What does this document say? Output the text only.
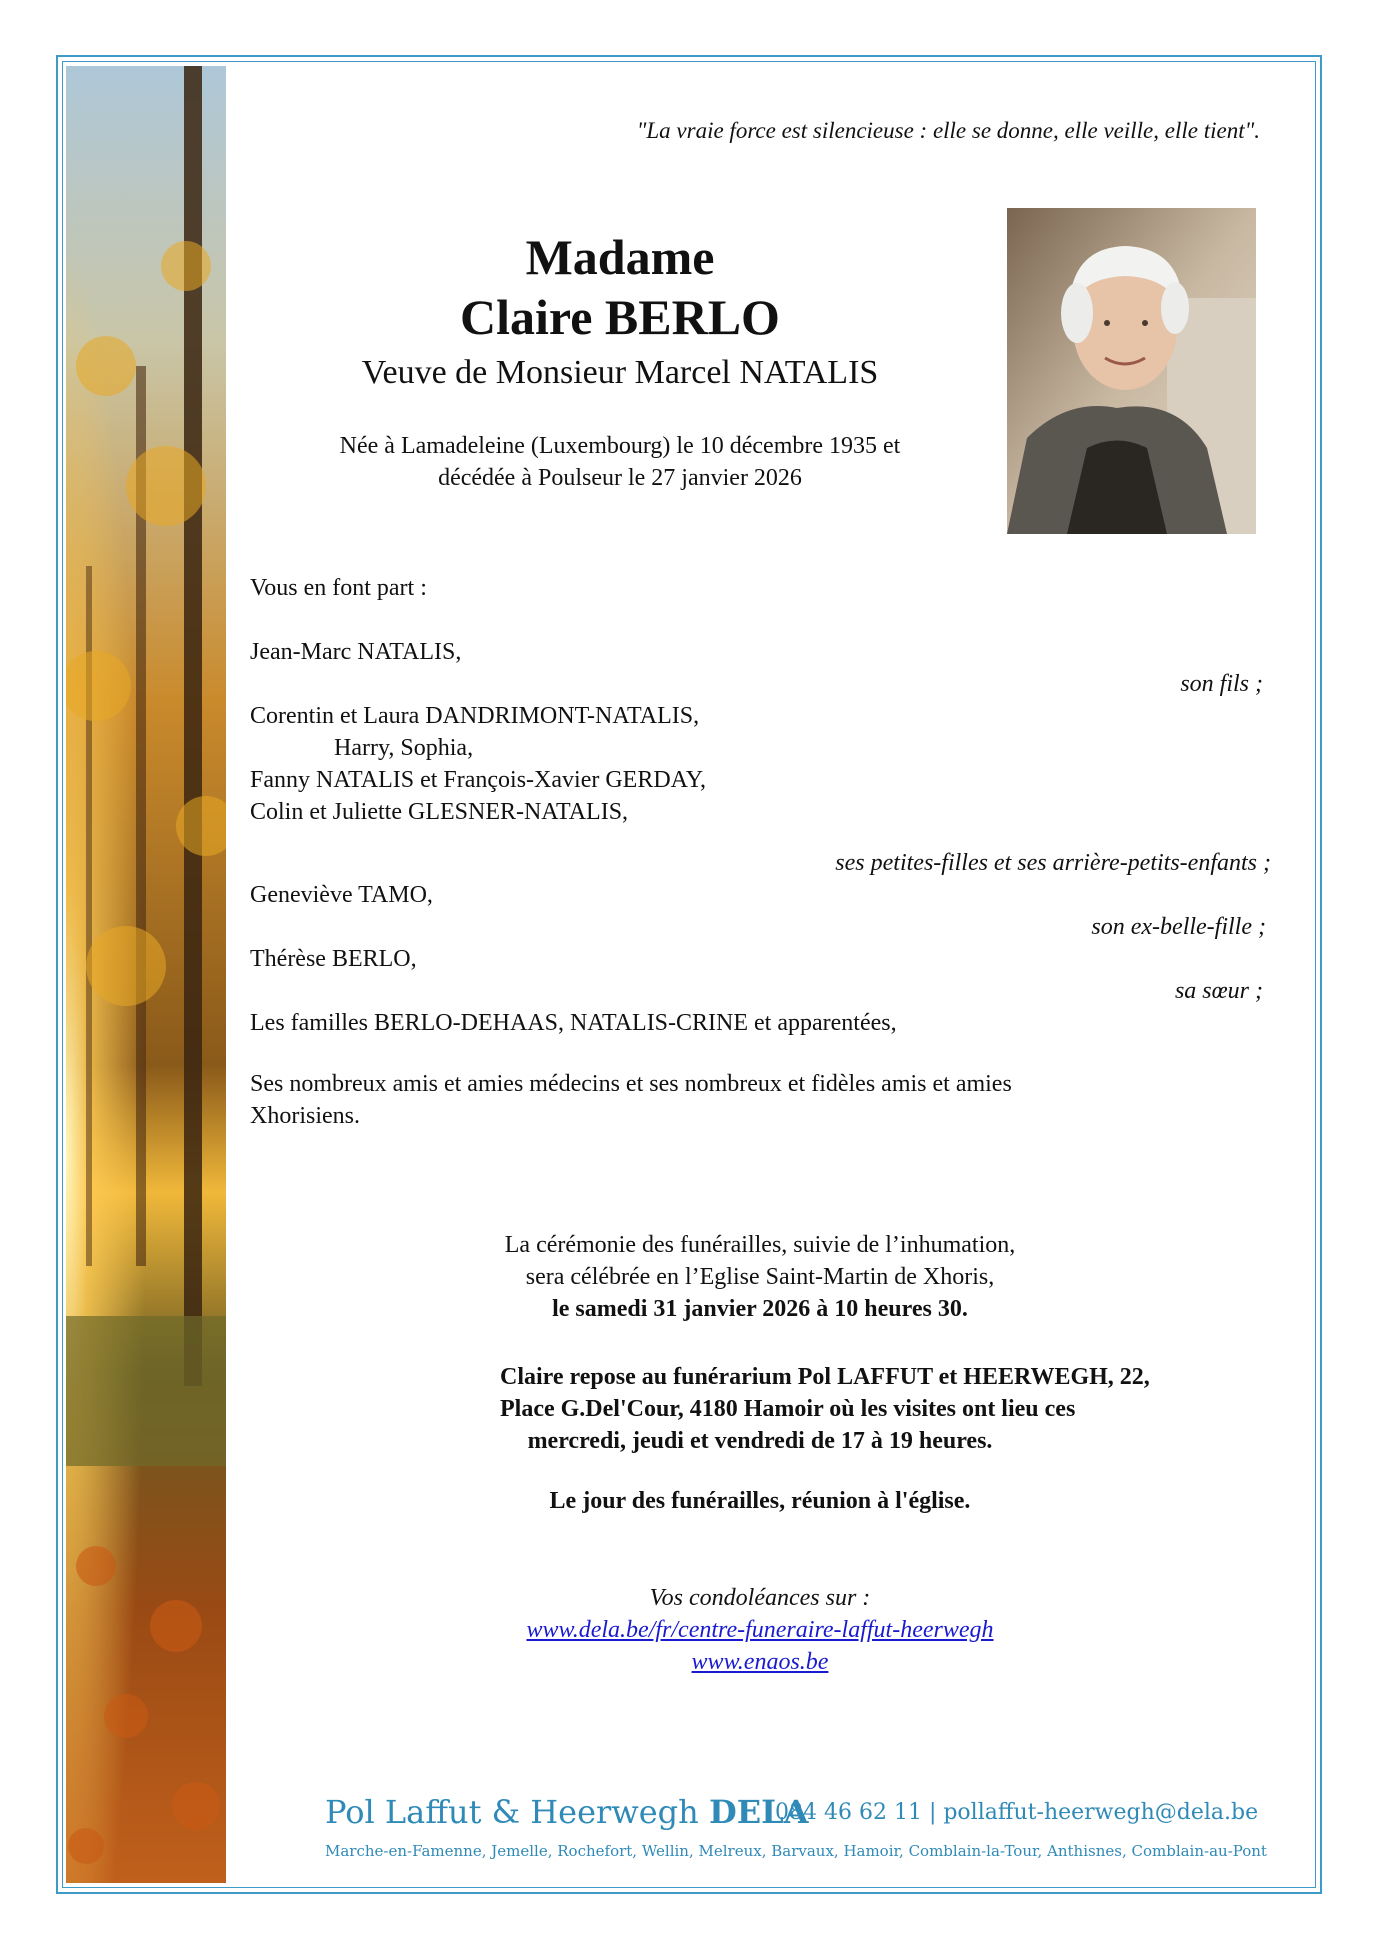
"La vraie force est silencieuse : elle se donne, elle veille, elle tient".
Madame
Claire BERLO
Veuve de Monsieur Marcel NATALIS
Née à Lamadeleine (Luxembourg) le 10 décembre 1935 et
décédée à Poulseur le 27 janvier 2026
Vous en font part :
Jean-Marc NATALIS,
son fils ;
Corentin et Laura DANDRIMONT-NATALIS,
Harry, Sophia,
Fanny NATALIS et François-Xavier GERDAY,
Colin et Juliette GLESNER-NATALIS,
ses petites-filles et ses arrière-petits-enfants ;
Geneviève TAMO,
son ex-belle-fille ;
Thérèse BERLO,
sa sœur ;
Les familles BERLO-DEHAAS, NATALIS-CRINE et apparentées,
Ses nombreux amis et amies médecins et ses nombreux et fidèles amis et amies
Xhorisiens.
La cérémonie des funérailles, suivie de l’inhumation,
sera célébrée en l’Eglise Saint-Martin de Xhoris,
le samedi 31 janvier 2026 à 10 heures 30.
Claire repose au funérarium Pol LAFFUT et HEERWEGH, 22,
Place G.Del'Cour, 4180 Hamoir où les visites ont lieu ces
mercredi, jeudi et vendredi de 17 à 19 heures.
Le jour des funérailles, réunion à l'église.
Vos condoléances sur :
www.dela.be/fr/centre-funeraire-laffut-heerwegh
www.enaos.be
Pol Laffut & Heerwegh DELA
084 46 62 11 | pollaffut-heerwegh@dela.be
Marche-en-Famenne, Jemelle, Rochefort, Wellin, Melreux, Barvaux, Hamoir, Comblain-la-Tour, Anthisnes, Comblain-au-Pont
